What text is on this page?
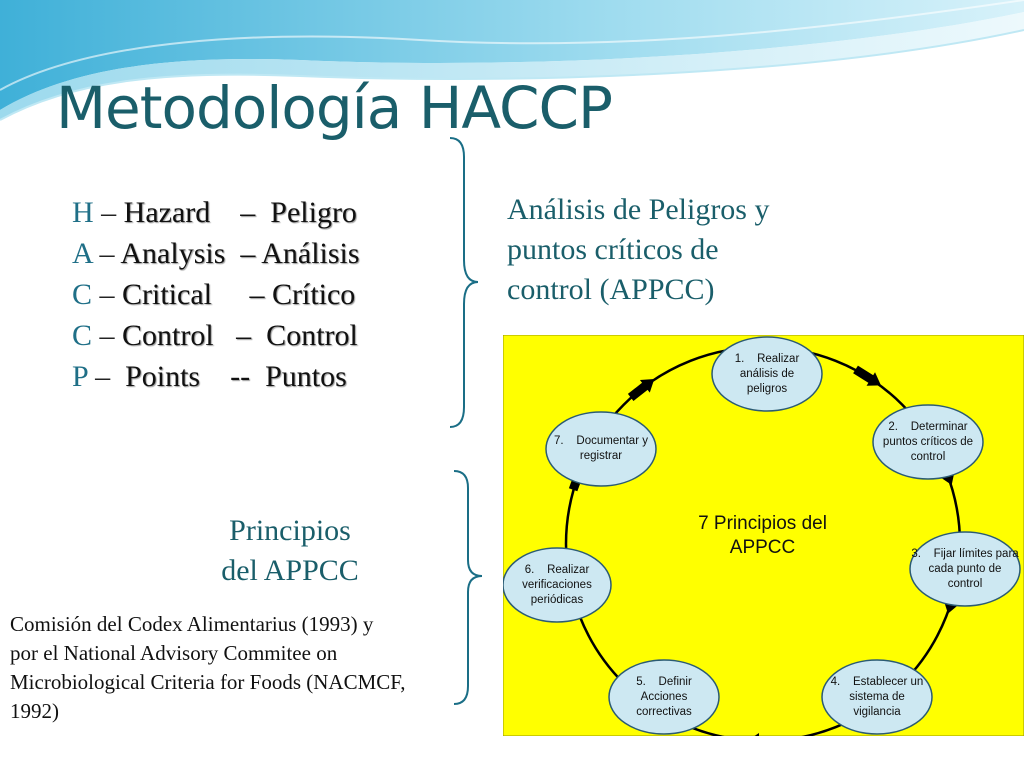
Metodología HACCP
H – Hazard    –  Peligro
A – Analysis  – Análisis
C – Critical     – Crítico
C – Control   –  Control
P –  Points    --  Puntos
Análisis de Peligros y
puntos críticos de
control (APPCC)
Principios
del APPCC
Comisión del Codex Alimentarius (1993) y
por el National Advisory Commitee on
Microbiological Criteria for Foods (NACMCF,
1992)
7 Principios del
APPCC
1.    Realizar
análisis de
peligros
2.    Determinar
puntos críticos de
control
3.    Fijar límites para
cada punto de
control
4.    Establecer un
sistema de
vigilancia
5.    Definir
Acciones
correctivas
6.    Realizar
verificaciones
periódicas
7.    Documentar y
registrar
